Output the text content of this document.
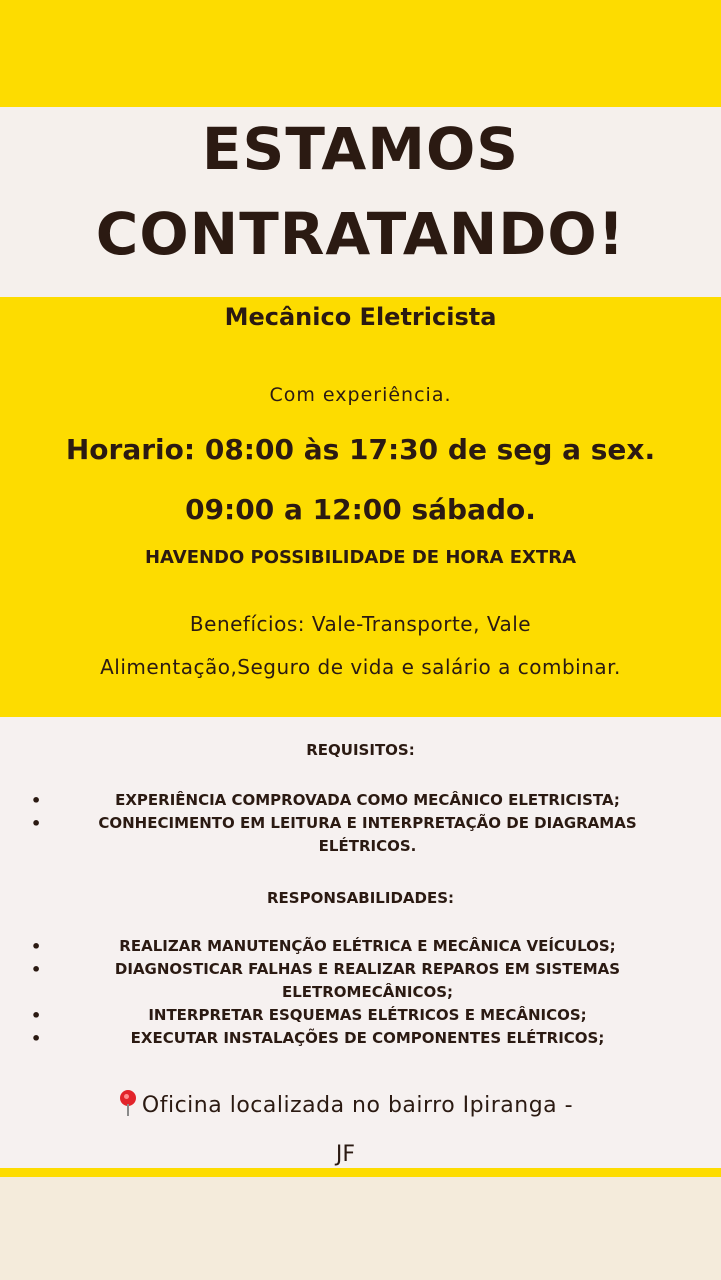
ESTAMOS
CONTRATANDO!
Mecânico Eletricista
Com experiência.
Horario: 08:00 às 17:30 de seg a sex.
09:00 a 12:00 sábado.
HAVENDO POSSIBILIDADE DE HORA EXTRA
Benefícios: Vale-Transporte, Vale
Alimentação,Seguro de vida e salário a combinar.
REQUISITOS:
•	EXPERIÊNCIA COMPROVADA COMO MECÂNICO ELETRICISTA;
•	CONHECIMENTO EM LEITURA E INTERPRETAÇÃO DE DIAGRAMAS ELÉTRICOS.
RESPONSABILIDADES:
•	REALIZAR MANUTENÇÃO ELÉTRICA E MECÂNICA VEÍCULOS;
•	DIAGNOSTICAR FALHAS E REALIZAR REPAROS EM SISTEMAS ELETROMECÂNICOS;
•	INTERPRETAR ESQUEMAS ELÉTRICOS E MECÂNICOS;
•	EXECUTAR INSTALAÇÕES DE COMPONENTES ELÉTRICOS;
Oficina localizada no bairro Ipiranga -
JF
